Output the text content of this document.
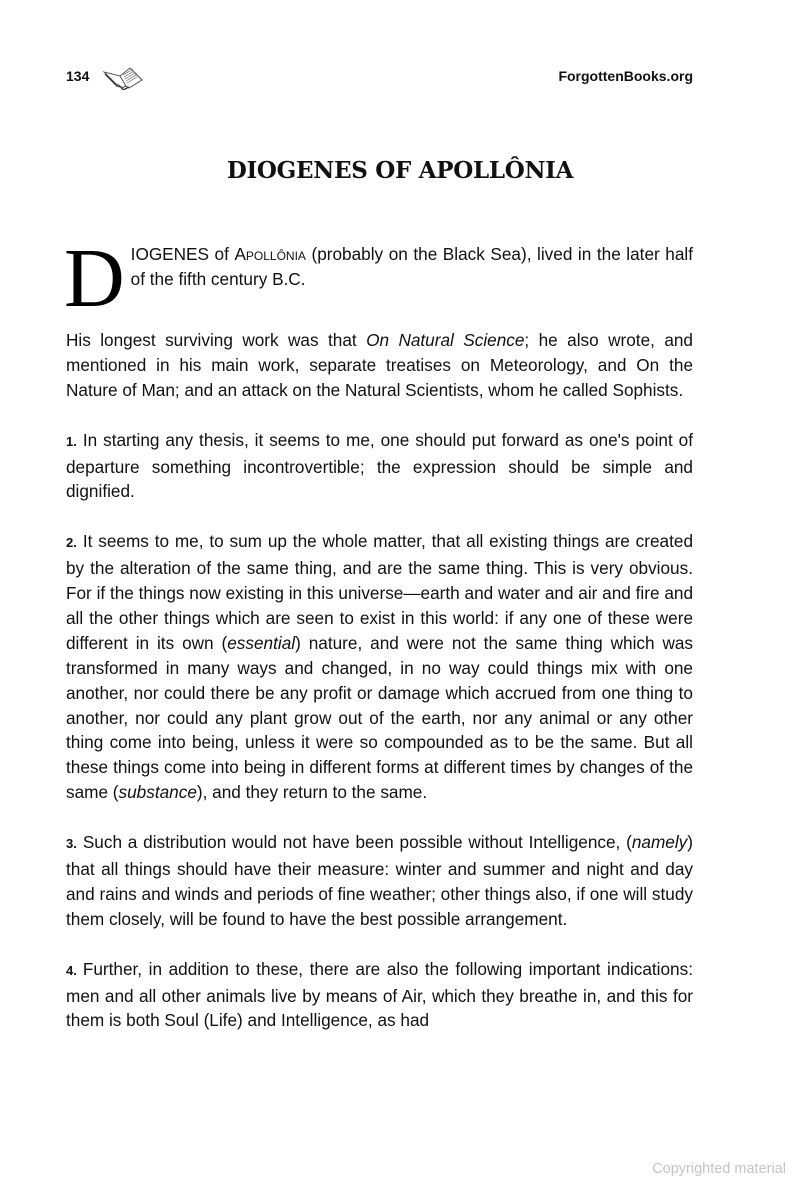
134	ForgottenBooks.org
DIOGENES OF APOLLÔNIA

DIOGENES of Apollônia (probably on the Black Sea), lived in the later half of the fifth century B.C.

His longest surviving work was that On Natural Science; he also wrote, and mentioned in his main work, separate treatises on Meteorology, and On the Nature of Man; and an attack on the Natural Scientists, whom he called Sophists.

1. In starting any thesis, it seems to me, one should put forward as one's point of departure something incontrovertible; the expression should be simple and dignified.

2. It seems to me, to sum up the whole matter, that all existing things are created by the alteration of the same thing, and are the same thing. This is very obvious. For if the things now existing in this universe—earth and water and air and fire and all the other things which are seen to exist in this world: if any one of these were different in its own (essential) nature, and were not the same thing which was transformed in many ways and changed, in no way could things mix with one another, nor could there be any profit or damage which accrued from one thing to another, nor could any plant grow out of the earth, nor any animal or any other thing come into being, unless it were so compounded as to be the same. But all these things come into being in different forms at different times by changes of the same (substance), and they return to the same.

3. Such a distribution would not have been possible without Intelligence, (namely) that all things should have their measure: winter and summer and night and day and rains and winds and periods of fine weather; other things also, if one will study them closely, will be found to have the best possible arrangement.

4. Further, in addition to these, there are also the following important indications: men and all other animals live by means of Air, which they breathe in, and this for them is both Soul (Life) and Intelligence, as had

Copyrighted material
